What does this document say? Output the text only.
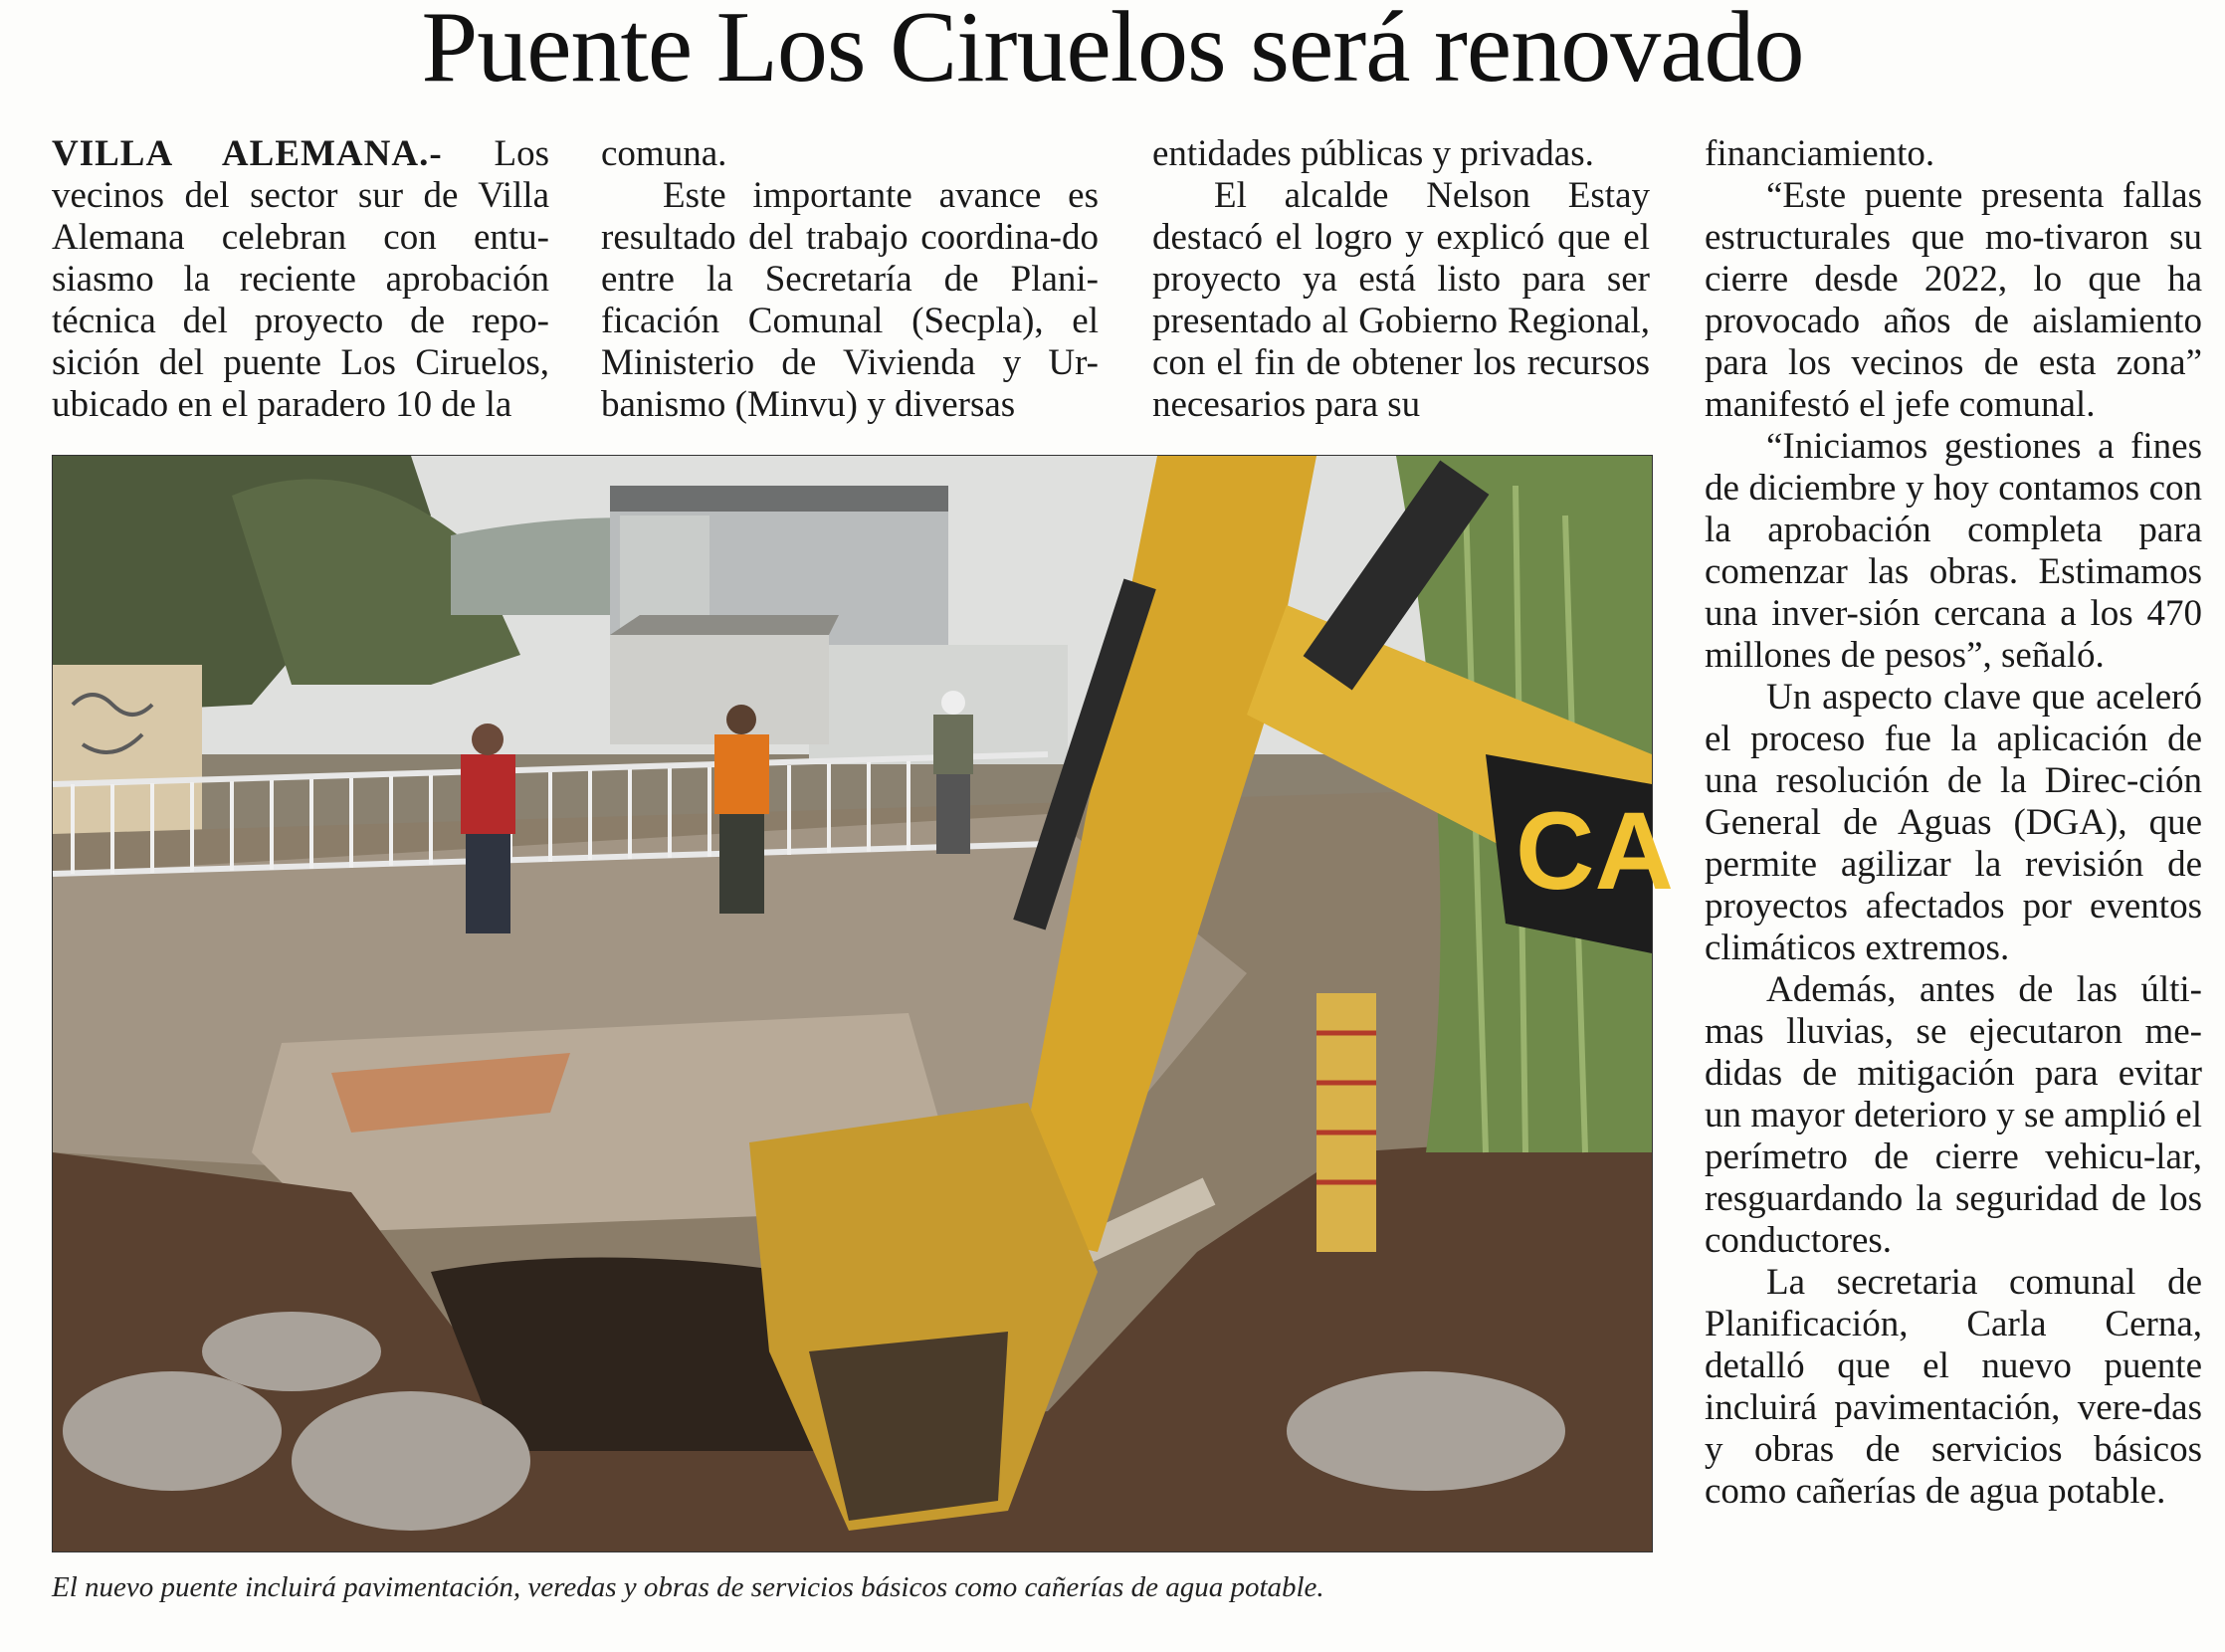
Puente Los Ciruelos será renovado

VILLA ALEMANA.- Los vecinos del sector sur de Villa Alemana celebran con entu-siasmo la reciente aprobación técnica del proyecto de repo-sición del puente Los Ciruelos, ubicado en el paradero 10 de la

comuna.

Este importante avance es resultado del trabajo coordina-do entre la Secretaría de Plani-ficación Comunal (Secpla), el Ministerio de Vivienda y Ur-banismo (Minvu) y diversas

entidades públicas y privadas.

El alcalde Nelson Estay destacó el logro y explicó que el proyecto ya está listo para ser presentado al Gobierno Regional, con el fin de obtener los recursos necesarios para su

financiamiento.

“Este puente presenta fallas estructurales que mo-tivaron su cierre desde 2022, lo que ha provocado años de aislamiento para los vecinos de esta zona” manifestó el jefe comunal.

“Iniciamos gestiones a fines de diciembre y hoy contamos con la aprobación completa para comenzar las obras. Estimamos una inver-sión cercana a los 470 millones de pesos”, señaló.

Un aspecto clave que aceleró el proceso fue la aplicación de una resolución de la Direc-ción General de Aguas (DGA), que permite agilizar la revisión de proyectos afectados por eventos climáticos extremos.

Además, antes de las últi-mas lluvias, se ejecutaron me-didas de mitigación para evitar un mayor deterioro y se amplió el perímetro de cierre vehicu-lar, resguardando la seguridad de los conductores.

La secretaria comunal de Planificación, Carla Cerna, detalló que el nuevo puente incluirá pavimentación, vere-das y obras de servicios básicos como cañerías de agua potable.

CA
El nuevo puente incluirá pavimentación, veredas y obras de servicios básicos como cañerías de agua potable.
